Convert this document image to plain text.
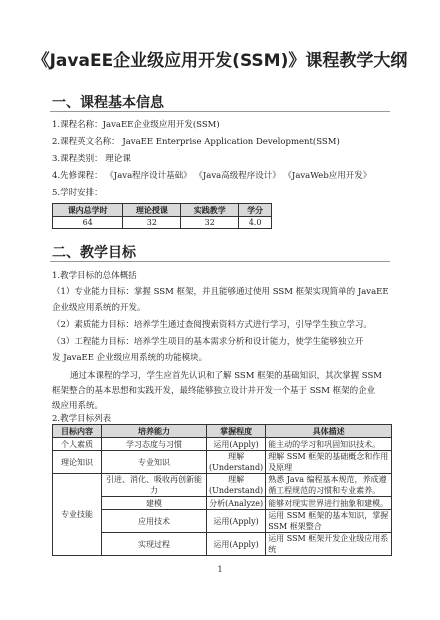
《JavaEE企业级应用开发(SSM)》课程教学大纲
一、课程基本信息
1.课程名称：JavaEE企业级应用开发(SSM)
2.课程英文名称： JavaEE Enterprise Application Development(SSM)
3.课程类别： 理论课
4.先修课程： 《Java程序设计基础》 《Java高级程序设计》 《JavaWeb应用开发》
5.学时安排：
课内总学时	理论授课	实践教学	学分
64	32	32	4.0
二、教学目标
1.教学目标的总体概括
（1）专业能力目标：掌握 SSM 框架，并且能够通过使用 SSM 框架实现简单的 JavaEE
企业级应用系统的开发。
（2）素质能力目标：培养学生通过查阅搜索资料方式进行学习，引导学生独立学习。
（3）工程能力目标：培养学生项目的基本需求分析和设计能力，使学生能够独立开
发 JavaEE 企业级应用系统的功能模块。
通过本课程的学习，学生应首先认识和了解 SSM 框架的基础知识，其次掌握 SSM
框架整合的基本思想和实践开发，最终能够独立设计并开发一个基于 SSM 框架的企业
级应用系统。
目标内容	培养能力	掌握程度	具体描述
个人素质	学习态度与习惯	运用(Apply)	能主动的学习和巩固知识技术。
理论知识	专业知识	理解(Understand)	理解 SSM 框架的基础概念和作用及原理
专业技能	引进、消化、吸收再创新能力	理解(Understand)	熟悉 Java 编程基本规范，养成遵循工程规范的习惯和专业素养。
	建模	分析(Analyze)	能够对现实世界进行抽象和建模。
	应用技术	运用(Apply)	运用 SSM 框架的基本知识，掌握 SSM 框架整合
	实现过程	运用(Apply)	运用 SSM 框架开发企业级应用系统
2.教学目标列表
1
